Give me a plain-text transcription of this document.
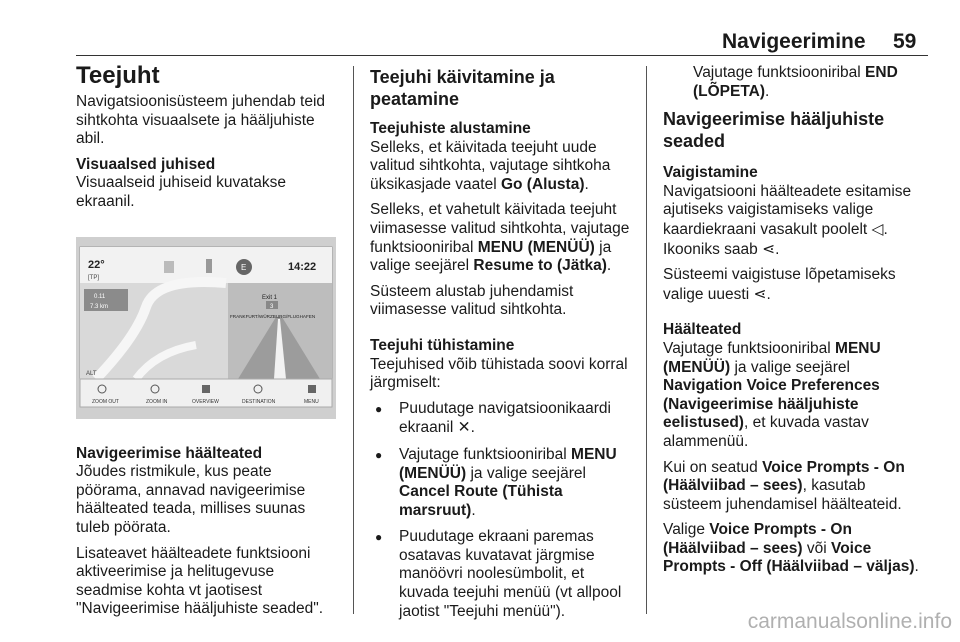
Navigeerimine 59
Teejuht

Navigatsioonisüsteem juhendab teid sihtkohta visuaalsete ja hääljuhiste abil.

Visuaalsed juhised

Visuaalseid juhiseid kuvatakse ekraanil.

22°
[TP]
E	14:22
0.11
7.3 km
ALT
Exit 1
3
FRANKFURT/WÜRZBURG/FLUGHAFEN
ZOOM OUT	ZOOM IN	OVERVIEW	DESTINATION	MENU

Navigeerimise häälteated

Jõudes ristmikule, kus peate pöörama, annavad navigeerimise häälteated teada, millises suunas tuleb pöörata.

Lisateavet häälteadete funktsiooni aktiveerimise ja helitugevuse seadmise kohta vt jaotisest "Navigeerimise hääljuhiste seaded".

Teejuhi käivitamine ja peatamine

Teejuhiste alustamine

Selleks, et käivitada teejuht uude valitud sihtkohta, vajutage sihtkoha üksikasjade vaatel Go (Alusta).

Selleks, et vahetult käivitada teejuht viimasesse valitud sihtkohta, vajutage funktsiooniribal MENU (MENÜÜ) ja valige seejärel Resume to (Jätka).

Süsteem alustab juhendamist viimasesse valitud sihtkohta.

Teejuhi tühistamine

Teejuhised võib tühistada soovi korral järgmiselt:

● Puudutage navigatsioonikaardi ekraanil ✕.
● Vajutage funktsiooniribal MENU (MENÜÜ) ja valige seejärel Cancel Route (Tühista marsruut).
● Puudutage ekraani paremas osatavas kuvatavat järgmise manöövri noolesümbolit, et kuvada teejuhi menüü (vt allpool jaotist "Teejuhi menüü").

Vajutage funktsiooniribal END (LÕPETA).

Navigeerimise hääljuhiste seaded

Vaigistamine

Navigatsiooni häälteadete esitamise ajutiseks vaigistamiseks valige kaardiekraani vasakult poolelt ◁. Ikooniks saab ⋖.

Süsteemi vaigistuse lõpetamiseks valige uuesti ⋖.

Häälteated

Vajutage funktsiooniribal MENU (MENÜÜ) ja valige seejärel Navigation Voice Preferences (Navigeerimise hääljuhiste eelistused), et kuvada vastav alammenüü.

Kui on seatud Voice Prompts - On (Häälviibad – sees), kasutab süsteem juhendamisel häälteateid.

Valige Voice Prompts - On (Häälviibad – sees) või Voice Prompts - Off (Häälviibad – väljas).

carmanualsonline.info
